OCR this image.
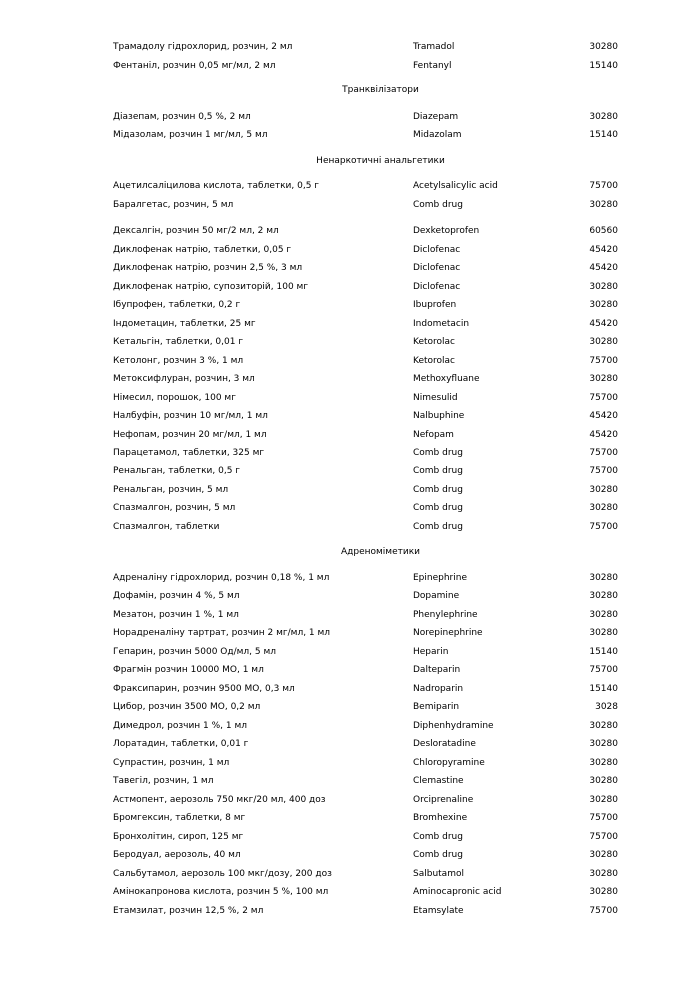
Трамадолу гідрохлорид, розчин, 2 мл	Tramadol	30280
Фентаніл, розчин 0,05 мг/мл, 2 мл	Fentanyl	15140
Транквілізатори
Діазепам, розчин 0,5 %, 2 мл	Diazepam	30280
Мідазолам, розчин 1 мг/мл, 5 мл	Midazolam	15140
Ненаркотичні анальгетики
Ацетилсаліцилова кислота, таблетки, 0,5 г	Acetylsalicylic acid	75700
Баралгетас, розчин, 5 мл	Comb drug	30280
Дексалгін, розчин 50 мг/2 мл, 2 мл	Dexketoprofen	60560
Диклофенак натрію, таблетки, 0,05 г	Diclofenac	45420
Диклофенак натрію, розчин 2,5 %, 3 мл	Diclofenac	45420
Диклофенак натрію, супозиторій, 100 мг	Diclofenac	30280
Ібупрофен, таблетки, 0,2 г	Ibuprofen	30280
Індометацин, таблетки, 25 мг	Indometacin	45420
Кетальгін, таблетки, 0,01 г	Ketorolac	30280
Кетолонг, розчин 3 %, 1 мл	Ketorolac	75700
Метоксифлуран, розчин, 3 мл	Methoxyfluane	30280
Німесил, порошок, 100 мг	Nimesulid	75700
Налбуфін, розчин 10 мг/мл, 1 мл	Nalbuphine	45420
Нефопам, розчин 20 мг/мл, 1 мл	Nefopam	45420
Парацетамол, таблетки, 325 мг	Comb drug	75700
Ренальган, таблетки, 0,5 г	Comb drug	75700
Ренальган, розчин, 5 мл	Comb drug	30280
Спазмалгон, розчин, 5 мл	Comb drug	30280
Спазмалгон, таблетки	Comb drug	75700
Адреноміметики
Адреналіну гідрохлорид, розчин 0,18 %, 1 мл	Epinephrine	30280
Дофамін, розчин 4 %, 5 мл	Dopamine	30280
Мезатон, розчин 1 %, 1 мл	Phenylephrine	30280
Норадреналіну тартрат, розчин 2 мг/мл, 1 мл	Norepinephrine	30280
Гепарин, розчин 5000 Од/мл, 5 мл	Heparin	15140
Фрагмін розчин 10000 МО, 1 мл	Dalteparin	75700
Фраксипарин, розчин 9500 МО, 0,3 мл	Nadroparin	15140
Цибор, розчин 3500 МО, 0,2 мл	Bemiparin	3028
Димедрол, розчин 1 %, 1 мл	Diphenhydramine	30280
Лоратадин, таблетки, 0,01 г	Desloratadine	30280
Супрастин, розчин, 1 мл	Chloropyramine	30280
Тавегіл, розчин, 1 мл	Clemastine	30280
Астмопент, аерозоль 750 мкг/20 мл, 400 доз	Orciprenaline	30280
Бромгексин, таблетки, 8 мг	Bromhexine	75700
Бронхолітин, сироп, 125 мг	Comb drug	75700
Беродуал, аерозоль, 40 мл	Comb drug	30280
Сальбутамол, аерозоль 100 мкг/дозу, 200 доз	Salbutamol	30280
Амінокапронова кислота, розчин 5 %, 100 мл	Aminocapronic acid	30280
Етамзилат, розчин 12,5 %, 2 мл	Etamsylate	75700
